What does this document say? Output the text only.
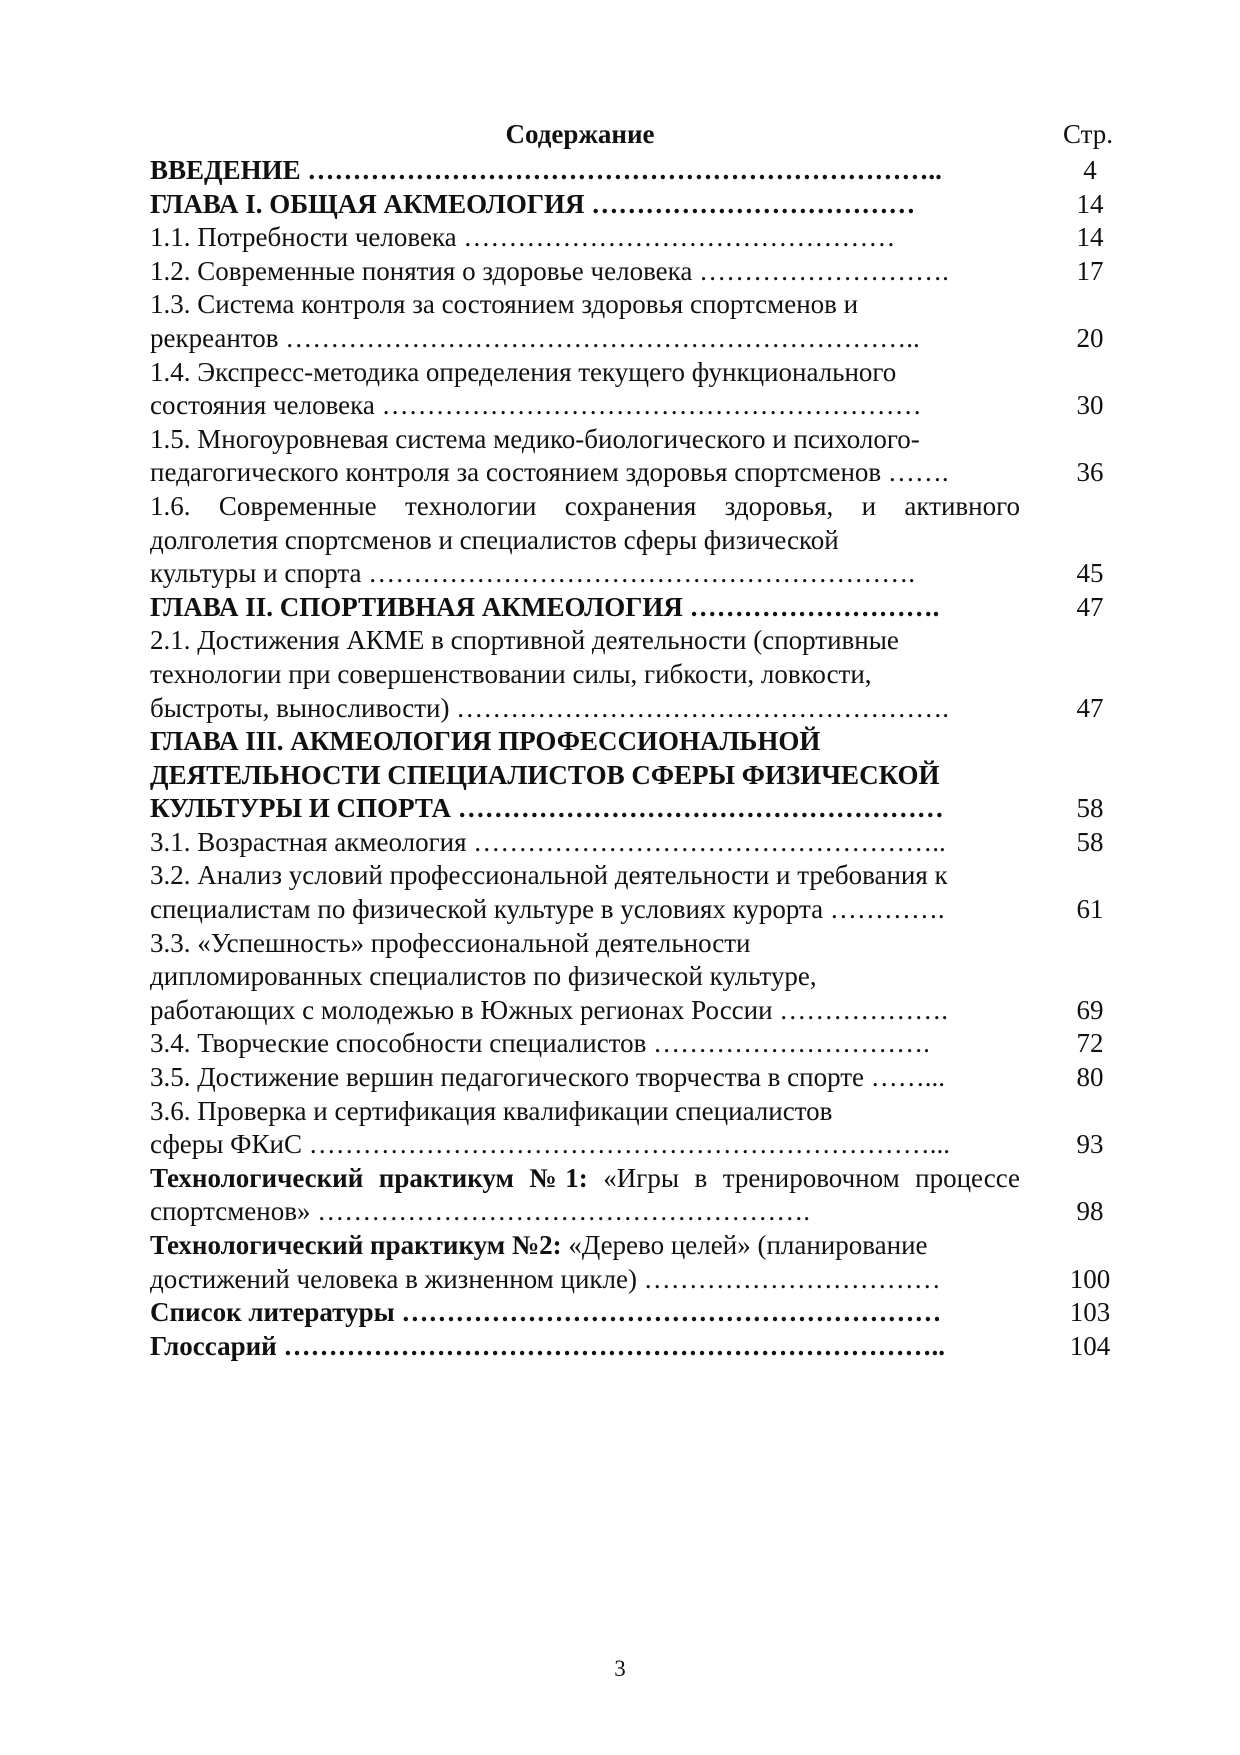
Содержание	Стр.
ВВЕДЕНИЕ ……………………………………………………………..	4
ГЛАВА I. ОБЩАЯ АКМЕОЛОГИЯ ………………………………	14
1.1. Потребности человека …………………………………………	14
1.2. Современные понятия о здоровье человека ……………………….	17
1.3. Система контроля за состоянием здоровья спортсменов и
рекреантов ……………………………………………………………..	20
1.4. Экспресс-методика определения текущего функционального
состояния человека ……………………………………………………	30
1.5. Многоуровневая система медико-биологического и психолого-
педагогического контроля за состоянием здоровья спортсменов …….	36
1.6. Современные технологии сохранения здоровья, и активного долголетия спортсменов и специалистов сферы физической
культуры и спорта …………………………………………………….	45
ГЛАВА II. СПОРТИВНАЯ АКМЕОЛОГИЯ ……………………….	47
2.1. Достижения АКМЕ в спортивной деятельности (спортивные
технологии при совершенствовании силы, гибкости, ловкости,
быстроты, выносливости) ……………………………………………….	47
ГЛАВА III. АКМЕОЛОГИЯ ПРОФЕССИОНАЛЬНОЙ
ДЕЯТЕЛЬНОСТИ СПЕЦИАЛИСТОВ СФЕРЫ ФИЗИЧЕСКОЙ
КУЛЬТУРЫ И СПОРТА ………………………………………………	58
3.1. Возрастная акмеология ……………………………………………..	58
3.2. Анализ условий профессиональной деятельности и требования к
специалистам по физической культуре в условиях курорта ………….	61
3.3. «Успешность» профессиональной деятельности
дипломированных специалистов по физической культуре,
работающих с молодежью в Южных регионах России ……………….	69
3.4. Творческие способности специалистов ………………………….	72
3.5. Достижение вершин педагогического творчества в спорте ……...	80
3.6. Проверка и сертификация квалификации специалистов
сферы ФКиС ……………………………………………………………...	93
Технологический практикум №1: «Игры в тренировочном процессе спортсменов» ……………………………………………….	98
Технологический практикум №2: «Дерево целей» (планирование
достижений человека в жизненном цикле) ……………………………	100
Список литературы ……………………………………………………	103
Глоссарий ………………………………………………………………..	104
3
